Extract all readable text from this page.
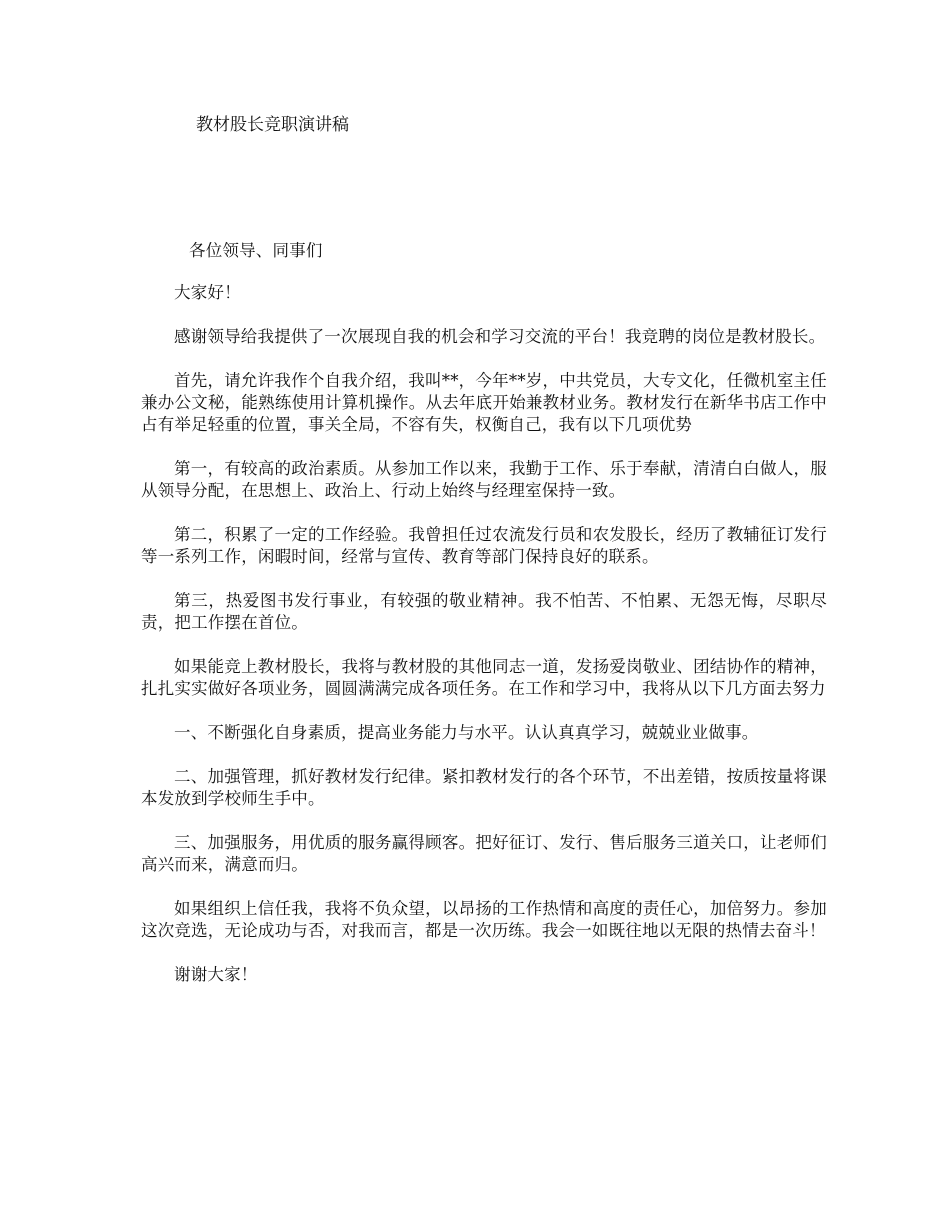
教材股长竞职演讲稿

各位领导、同事们

大家好！

感谢领导给我提供了一次展现自我的机会和学习交流的平台！我竞聘的岗位是教材股长。

首先，请允许我作个自我介绍，我叫**，今年**岁，中共党员，大专文化，任微机室主任兼办公文秘，能熟练使用计算机操作。从去年底开始兼教材业务。教材发行在新华书店工作中占有举足轻重的位置，事关全局，不容有失，权衡自己，我有以下几项优势

第一，有较高的政治素质。从参加工作以来，我勤于工作、乐于奉献，清清白白做人，服从领导分配，在思想上、政治上、行动上始终与经理室保持一致。

第二，积累了一定的工作经验。我曾担任过农流发行员和农发股长，经历了教辅征订发行等一系列工作，闲暇时间，经常与宣传、教育等部门保持良好的联系。

第三，热爱图书发行事业，有较强的敬业精神。我不怕苦、不怕累、无怨无悔，尽职尽责，把工作摆在首位。

如果能竞上教材股长，我将与教材股的其他同志一道，发扬爱岗敬业、团结协作的精神，扎扎实实做好各项业务，圆圆满满完成各项任务。在工作和学习中，我将从以下几方面去努力

一、不断强化自身素质，提高业务能力与水平。认认真真学习，兢兢业业做事。

二、加强管理，抓好教材发行纪律。紧扣教材发行的各个环节，不出差错，按质按量将课本发放到学校师生手中。

三、加强服务，用优质的服务赢得顾客。把好征订、发行、售后服务三道关口，让老师们高兴而来，满意而归。

如果组织上信任我，我将不负众望，以昂扬的工作热情和高度的责任心，加倍努力。参加这次竞选，无论成功与否，对我而言，都是一次历练。我会一如既往地以无限的热情去奋斗！

谢谢大家！
